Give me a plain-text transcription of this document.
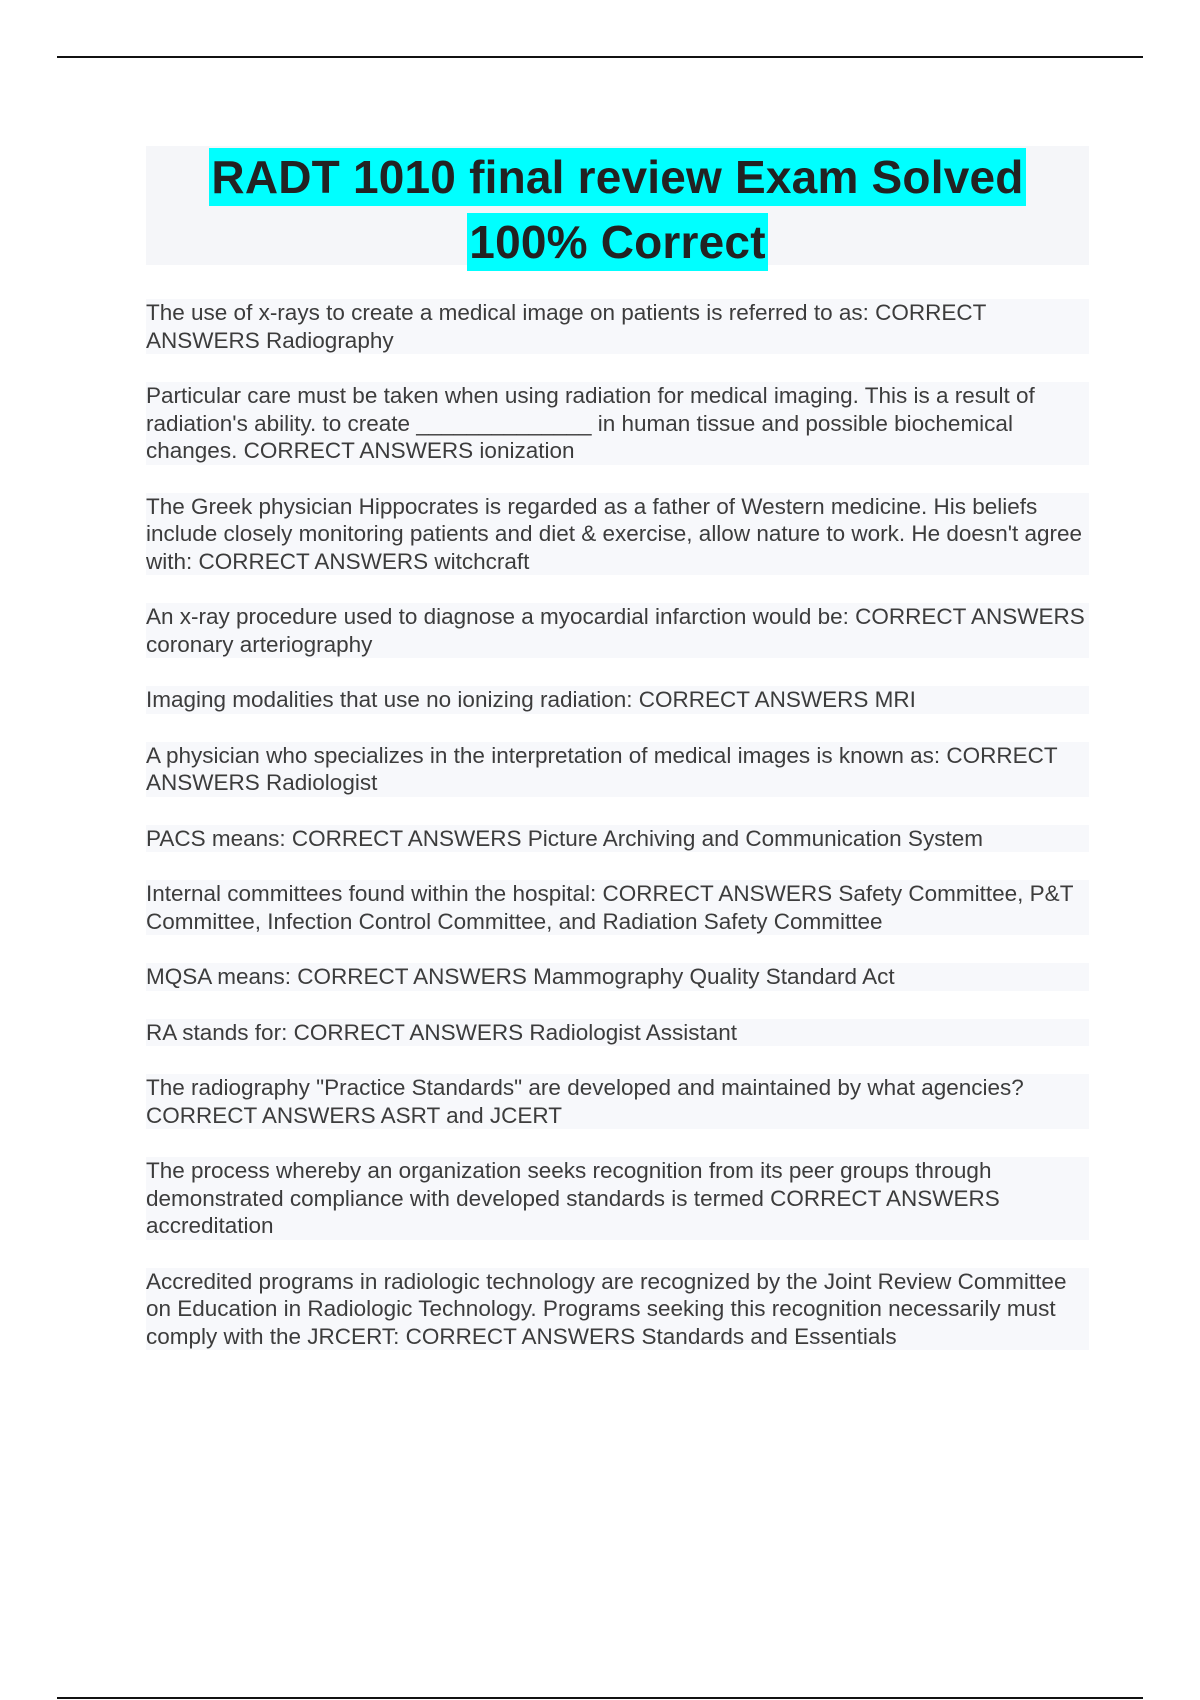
RADT 1010 final review Exam Solved
100% Correct

The use of x-rays to create a medical image on patients is referred to as: CORRECT ANSWERS Radiography

Particular care must be taken when using radiation for medical imaging. This is a result of radiation's ability. to create ______________ in human tissue and possible biochemical changes. CORRECT ANSWERS ionization

The Greek physician Hippocrates is regarded as a father of Western medicine. His beliefs include closely monitoring patients and diet & exercise, allow nature to work. He doesn't agree with: CORRECT ANSWERS witchcraft

An x-ray procedure used to diagnose a myocardial infarction would be: CORRECT ANSWERS coronary arteriography

Imaging modalities that use no ionizing radiation: CORRECT ANSWERS MRI

A physician who specializes in the interpretation of medical images is known as: CORRECT ANSWERS Radiologist

PACS means: CORRECT ANSWERS Picture Archiving and Communication System

Internal committees found within the hospital: CORRECT ANSWERS Safety Committee, P&T Committee, Infection Control Committee, and Radiation Safety Committee

MQSA means: CORRECT ANSWERS Mammography Quality Standard Act

RA stands for: CORRECT ANSWERS Radiologist Assistant

The radiography "Practice Standards" are developed and maintained by what agencies? CORRECT ANSWERS ASRT and JCERT

The process whereby an organization seeks recognition from its peer groups through demonstrated compliance with developed standards is termed CORRECT ANSWERS accreditation

Accredited programs in radiologic technology are recognized by the Joint Review Committee on Education in Radiologic Technology. Programs seeking this recognition necessarily must comply with the JRCERT: CORRECT ANSWERS Standards and Essentials
